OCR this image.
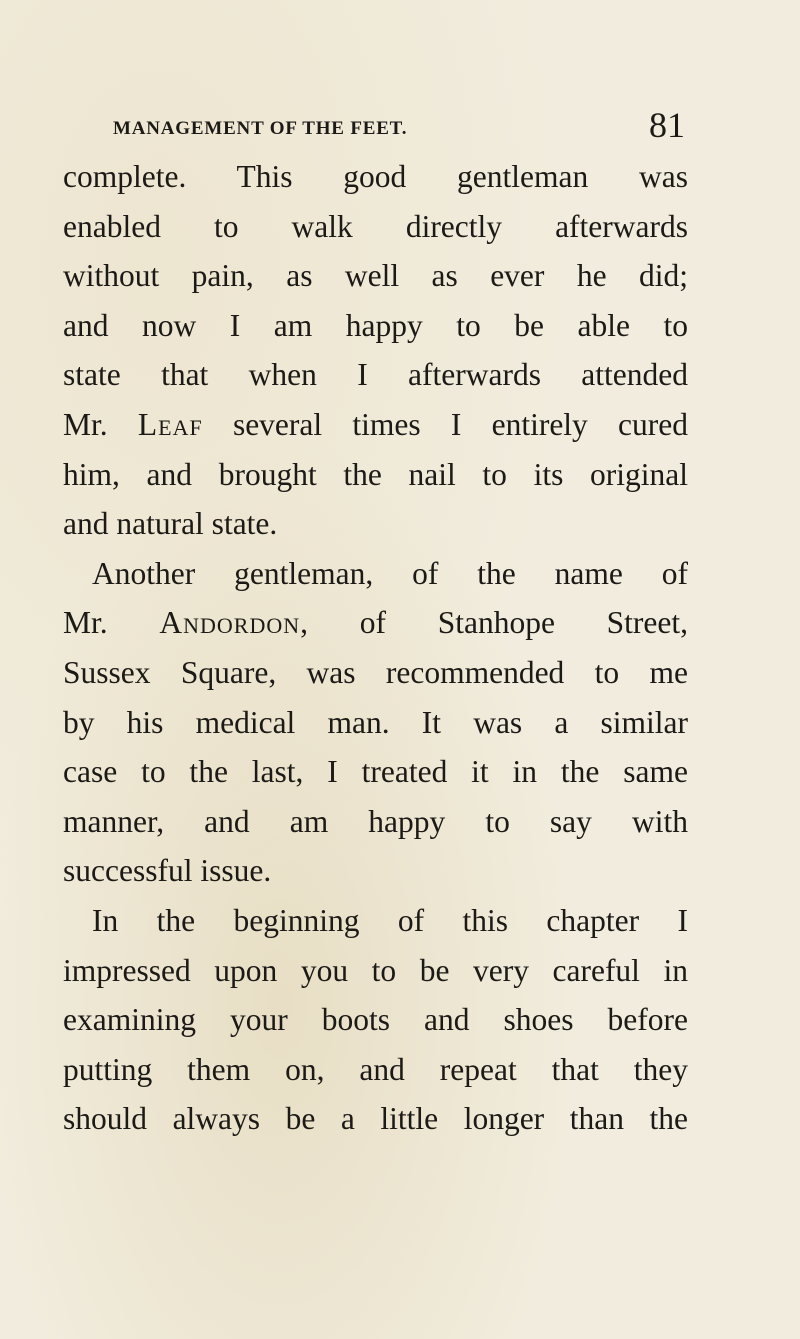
MANAGEMENT OF THE FEET.	81
complete. This good gentleman was
enabled to walk directly afterwards
without pain, as well as ever he did;
and now I am happy to be able to
state that when I afterwards attended
Mr. Leaf several times I entirely cured
him, and brought the nail to its original
and natural state.
Another gentleman, of the name of
Mr. Andordon, of Stanhope Street,
Sussex Square, was recommended to me
by his medical man. It was a similar
case to the last, I treated it in the same
manner, and am happy to say with
successful issue.
In the beginning of this chapter I
impressed upon you to be very careful in
examining your boots and shoes before
putting them on, and repeat that they
should always be a little longer than the
